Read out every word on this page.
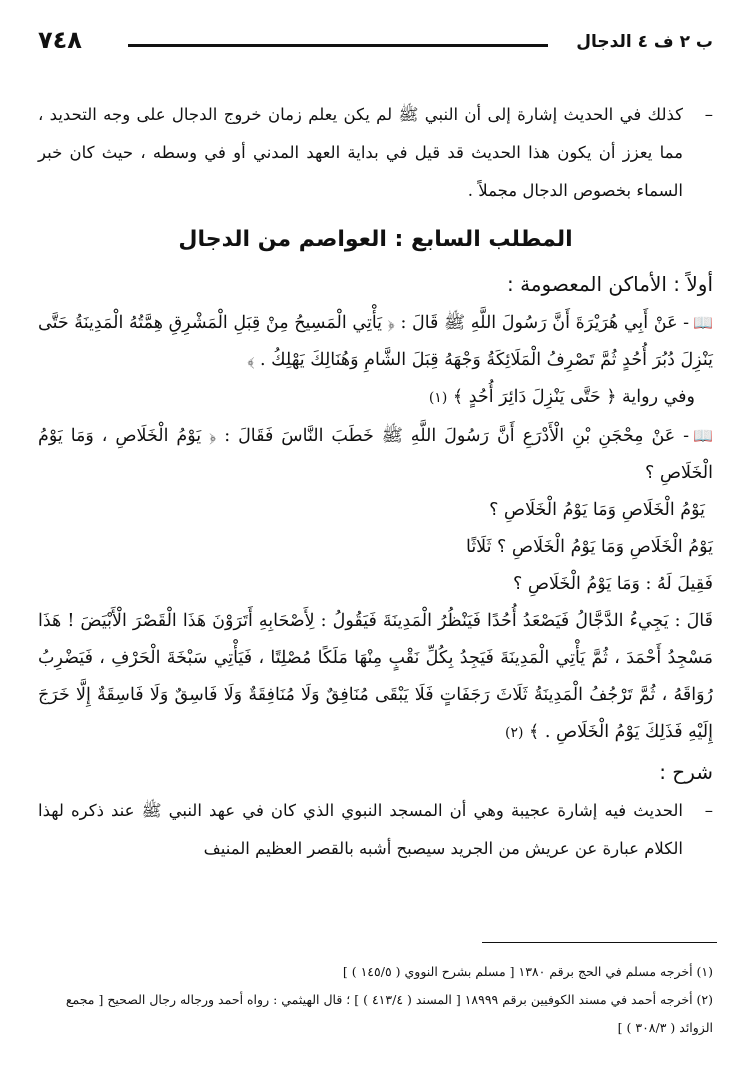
ب ٢ ف ٤ الدجال
٧٤٨

–
كذلك في الحديث إشارة إلى أن النبي ﷺ لم يكن يعلم زمان خروج الدجال على وجه التحديد ، مما يعزز أن يكون هذا الحديث قد قيل في بداية العهد المدني أو في وسطه ، حيث كان خبر السماء بخصوص الدجال مجملاً .

المطلب السابع : العواصم من الدجال

أولاً : الأماكن المعصومة :

📖- عَنْ أَبِي هُرَيْرَةَ أَنَّ رَسُولَ اللَّهِ ﷺ قَالَ : ﴿ يَأْتِي الْمَسِيحُ مِنْ قِبَلِ الْمَشْرِقِ هِمَّتُهُ الْمَدِينَةُ حَتَّى يَنْزِلَ دُبُرَ أُحُدٍ ثُمَّ تَصْرِفُ الْمَلَائِكَةُ وَجْهَهُ قِبَلَ الشَّامِ وَهُنَالِكَ يَهْلِكُ . ﴾

وفي رواية ﴿ حَتَّى يَنْزِلَ دَائِرَ أُحُدٍ ﴾ (١)

📖- عَنْ مِحْجَنِ بْنِ الْأَدْرَعِ أَنَّ رَسُولَ اللَّهِ ﷺ خَطَبَ النَّاسَ فَقَالَ : ﴿ يَوْمُ الْخَلَاصِ ، وَمَا يَوْمُ الْخَلَاصِ ؟

يَوْمُ الْخَلَاصِ وَمَا يَوْمُ الْخَلَاصِ ؟

يَوْمُ الْخَلَاصِ وَمَا يَوْمُ الْخَلَاصِ ؟ ثَلَاثًا

فَقِيلَ لَهُ : وَمَا يَوْمُ الْخَلَاصِ ؟

قَالَ : يَجِيءُ الدَّجَّالُ فَيَصْعَدُ أُحُدًا فَيَنْظُرُ الْمَدِينَةَ فَيَقُولُ : لِأَصْحَابِهِ أَتَرَوْنَ هَذَا الْقَصْرَ الْأَبْيَضَ ! هَذَا مَسْجِدُ أَحْمَدَ ، ثُمَّ يَأْتِي الْمَدِينَةَ فَيَجِدُ بِكُلِّ نَقْبٍ مِنْهَا مَلَكًا مُصْلِتًا ، فَيَأْتِي سَبْخَةَ الْحَرْفِ ، فَيَضْرِبُ رُوَاقَهُ ، ثُمَّ تَرْجُفُ الْمَدِينَةُ ثَلَاثَ رَجَفَاتٍ فَلَا يَبْقَى مُنَافِقٌ وَلَا مُنَافِقَةٌ وَلَا فَاسِقٌ وَلَا فَاسِقَةٌ إِلَّا خَرَجَ إِلَيْهِ فَذَلِكَ يَوْمُ الْخَلَاصِ . ﴾ (٢)

شرح :

–
الحديث فيه إشارة عجيبة وهي أن المسجد النبوي الذي كان في عهد النبي ﷺ عند ذكره لهذا الكلام عبارة عن عريش من الجريد سيصبح أشبه بالقصر العظيم المنيف

(١) أخرجه مسلم في الحج برقم ١٣٨٠ [ مسلم بشرح النووي ( ١٤٥/٥ ) ]

(٢) أخرجه أحمد في مسند الكوفيين برقم ١٨٩٩٩ [ المسند ( ٤١٣/٤ ) ] ؛ قال الهيثمي : رواه أحمد ورجاله رجال الصحيح [ مجمع الزوائد ( ٣٠٨/٣ ) ]
